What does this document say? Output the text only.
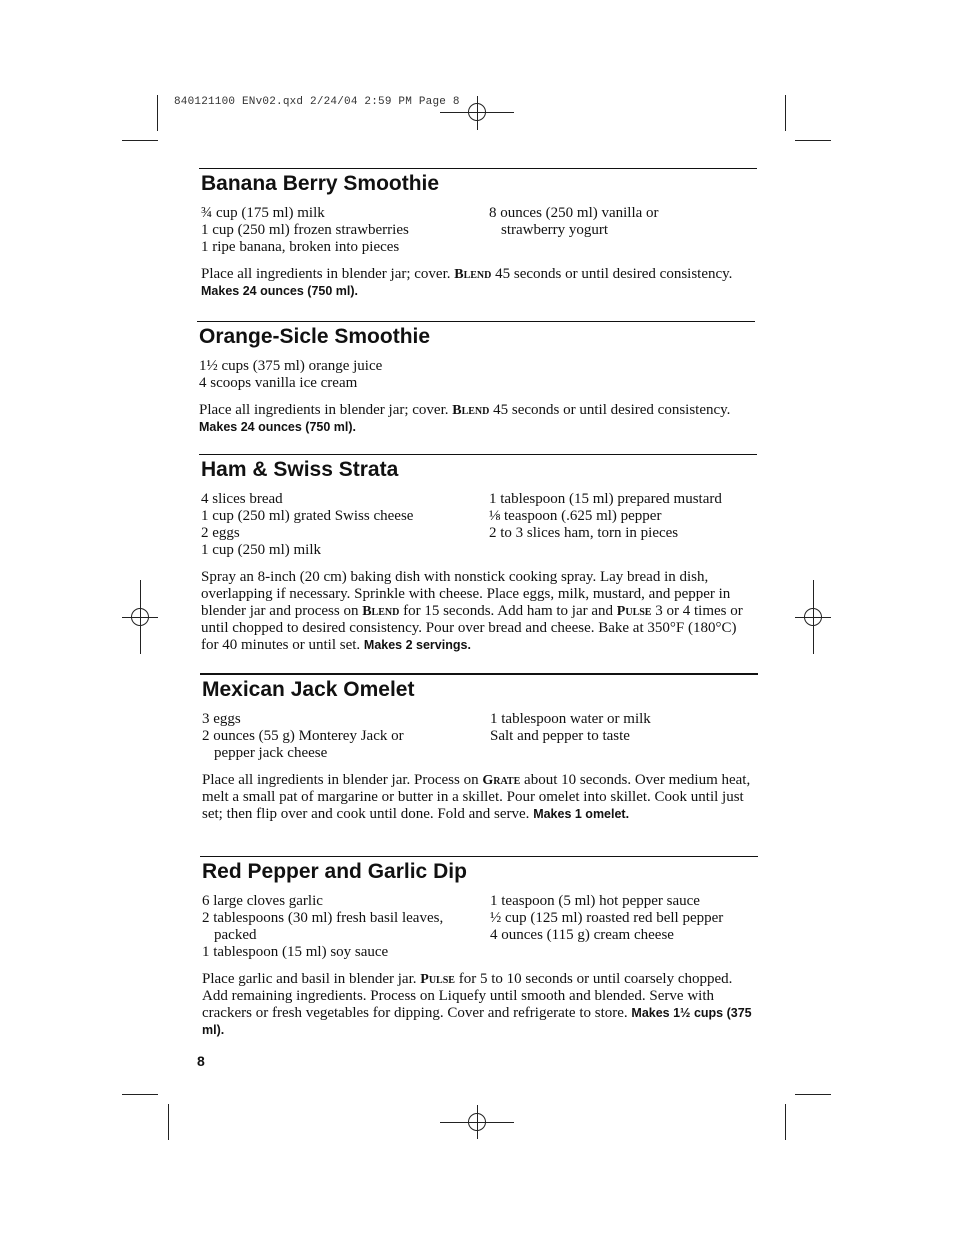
840121100 ENv02.qxd 2/24/04 2:59 PM Page 8
Banana Berry Smoothie
¾ cup (175 ml) milk
1 cup (250 ml) frozen strawberries
1 ripe banana, broken into pieces
8 ounces (250 ml) vanilla or
strawberry yogurt
Place all ingredients in blender jar; cover. Blend 45 seconds or until desired consistency. Makes 24 ounces (750 ml).
Orange-Sicle Smoothie
1½ cups (375 ml) orange juice
4 scoops vanilla ice cream
Place all ingredients in blender jar; cover. Blend 45 seconds or until desired consistency. Makes 24 ounces (750 ml).
Ham & Swiss Strata
4 slices bread
1 cup (250 ml) grated Swiss cheese
2 eggs
1 cup (250 ml) milk
1 tablespoon (15 ml) prepared mustard
⅛ teaspoon (.625 ml) pepper
2 to 3 slices ham, torn in pieces
Spray an 8-inch (20 cm) baking dish with nonstick cooking spray. Lay bread in dish, overlapping if necessary. Sprinkle with cheese. Place eggs, milk, mustard, and pepper in blender jar and process on Blend for 15 seconds. Add ham to jar and Pulse 3 or 4 times or until chopped to desired consistency. Pour over bread and cheese. Bake at 350°F (180°C) for 40 minutes or until set. Makes 2 servings.
Mexican Jack Omelet
3 eggs
2 ounces (55 g) Monterey Jack or
pepper jack cheese
1 tablespoon water or milk
Salt and pepper to taste
Place all ingredients in blender jar. Process on Grate about 10 seconds. Over medium heat, melt a small pat of margarine or butter in a skillet. Pour omelet into skillet. Cook until just set; then flip over and cook until done. Fold and serve. Makes 1 omelet.
Red Pepper and Garlic Dip
6 large cloves garlic
2 tablespoons (30 ml) fresh basil leaves,
packed
1 tablespoon (15 ml) soy sauce
1 teaspoon (5 ml) hot pepper sauce
½ cup (125 ml) roasted red bell pepper
4 ounces (115 g) cream cheese
Place garlic and basil in blender jar. Pulse for 5 to 10 seconds or until coarsely chopped. Add remaining ingredients. Process on Liquefy until smooth and blended. Serve with crackers or fresh vegetables for dipping. Cover and refrigerate to store. Makes 1½ cups (375 ml).
8
